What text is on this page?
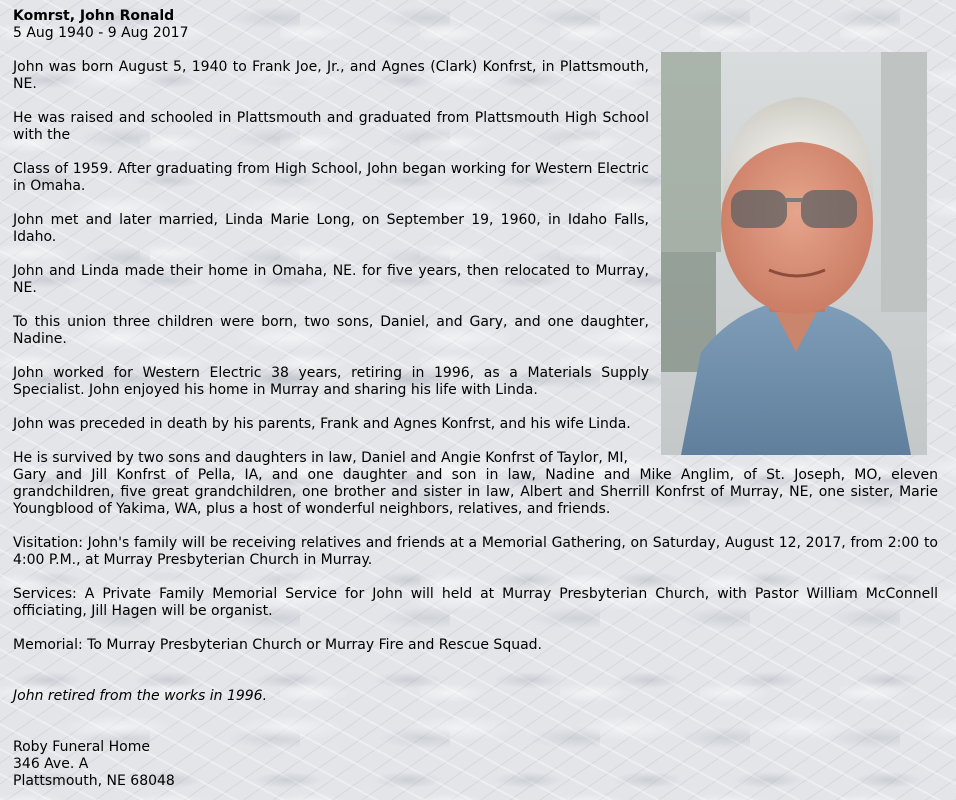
Komrst, John Ronald
5 Aug 1940 - 9 Aug 2017

John was born August 5, 1940 to Frank Joe, Jr., and Agnes (Clark) Konfrst, in Plattsmouth, NE.

He was raised and schooled in Plattsmouth and graduated from Plattsmouth High School with the

Class of 1959. After graduating from High School, John began working for Western Electric in Omaha.

John met and later married, Linda Marie Long, on September 19, 1960, in Idaho Falls, Idaho.

John and Linda made their home in Omaha, NE. for five years, then relocated to Murray, NE.

To this union three children were born, two sons, Daniel, and Gary, and one daughter, Nadine.

John worked for Western Electric 38 years, retiring in 1996, as a Materials Supply Specialist. John enjoyed his home in Murray and sharing his life with Linda.

John was preceded in death by his parents, Frank and Agnes Konfrst, and his wife Linda.

He is survived by two sons and daughters in law, Daniel and Angie Konfrst of Taylor, MI,

Gary and Jill Konfrst of Pella, IA, and one daughter and son in law, Nadine and Mike Anglim, of St. Joseph, MO, eleven grandchildren, five great grandchildren, one brother and sister in law, Albert and Sherrill Konfrst of Murray, NE, one sister, Marie Youngblood of Yakima, WA, plus a host of wonderful neighbors, relatives, and friends.

Visitation: John's family will be receiving relatives and friends at a Memorial Gathering, on Saturday, August 12, 2017, from 2:00 to 4:00 P.M., at Murray Presbyterian Church in Murray.

Services: A Private Family Memorial Service for John will held at Murray Presbyterian Church, with Pastor William McConnell officiating, Jill Hagen will be organist.

Memorial: To Murray Presbyterian Church or Murray Fire and Rescue Squad.

John retired from the works in 1996.

Roby Funeral Home
346 Ave. A
Plattsmouth, NE 68048
